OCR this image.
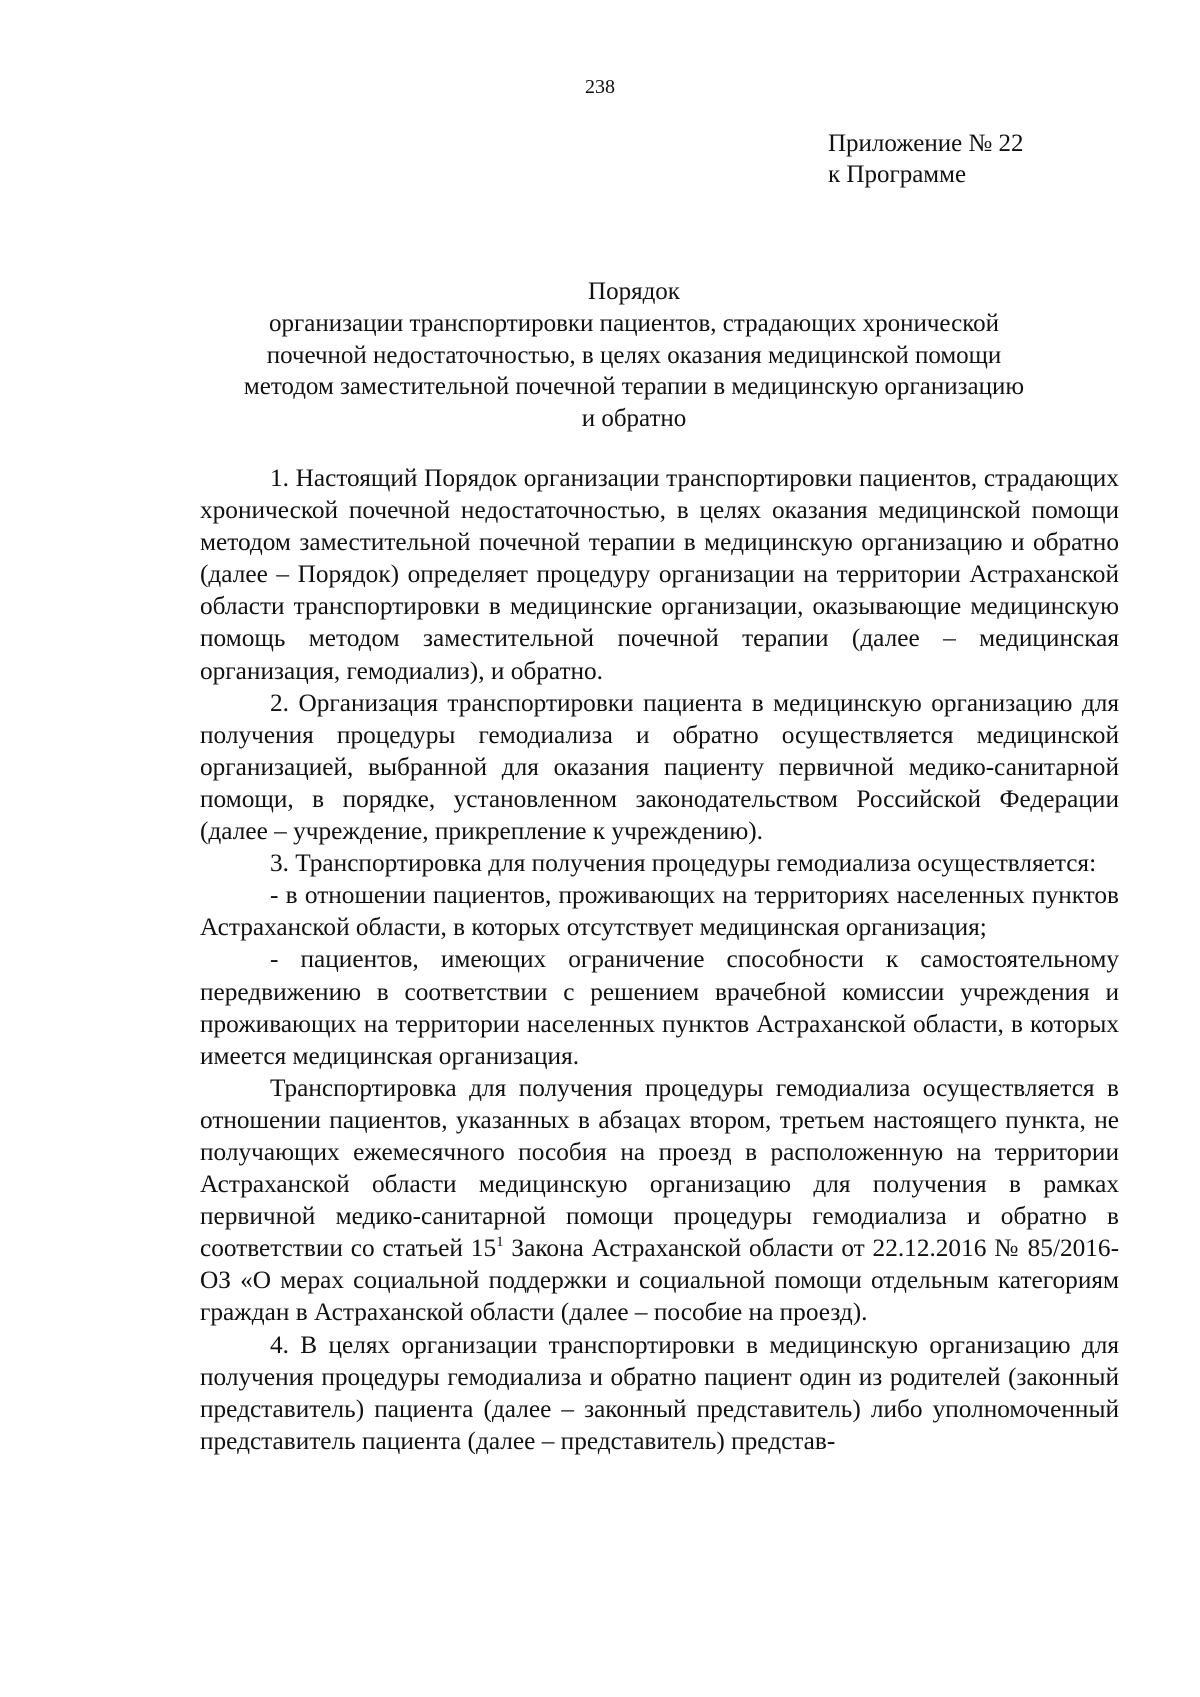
238
Приложение № 22
к Программе
Порядок
организации транспортировки пациентов, страдающих хронической
почечной недостаточностью, в целях оказания медицинской помощи
методом заместительной почечной терапии в медицинскую организацию
и обратно

1. Настоящий Порядок организации транспортировки пациентов, страдающих хронической почечной недостаточностью, в целях оказания медицинской помощи методом заместительной почечной терапии в медицинскую организацию и обратно (далее – Порядок) определяет процедуру организации на территории Астраханской области транспортировки в медицинские организации, оказывающие медицинскую помощь методом заместительной почечной терапии (далее – медицинская организация, гемодиализ), и обратно.

2. Организация транспортировки пациента в медицинскую организацию для получения процедуры гемодиализа и обратно осуществляется медицинской организацией, выбранной для оказания пациенту первичной медико-санитарной помощи, в порядке, установленном законодательством Российской Федерации (далее – учреждение, прикрепление к учреждению).

3. Транспортировка для получения процедуры гемодиализа осуществляется:

- в отношении пациентов, проживающих на территориях населенных пунктов Астраханской области, в которых отсутствует медицинская организация;

- пациентов, имеющих ограничение способности к самостоятельному передвижению в соответствии с решением врачебной комиссии учреждения и проживающих на территории населенных пунктов Астраханской области, в которых имеется медицинская организация.

Транспортировка для получения процедуры гемодиализа осуществляется в отношении пациентов, указанных в абзацах втором, третьем настоящего пункта, не получающих ежемесячного пособия на проезд в расположенную на территории Астраханской области медицинскую организацию для получения в рамках первичной медико-санитарной помощи процедуры гемодиализа и обратно в соответствии со статьей $15^1$ Закона Астраханской области от 22.12.2016 № 85/2016-ОЗ «О мерах социальной поддержки и социальной помощи отдельным категориям граждан в Астраханской области (далее – пособие на проезд).

4. В целях организации транспортировки в медицинскую организацию для получения процедуры гемодиализа и обратно пациент один из родителей (законный представитель) пациента (далее – законный представитель) либо уполномоченный представитель пациента (далее – представитель) представ-
